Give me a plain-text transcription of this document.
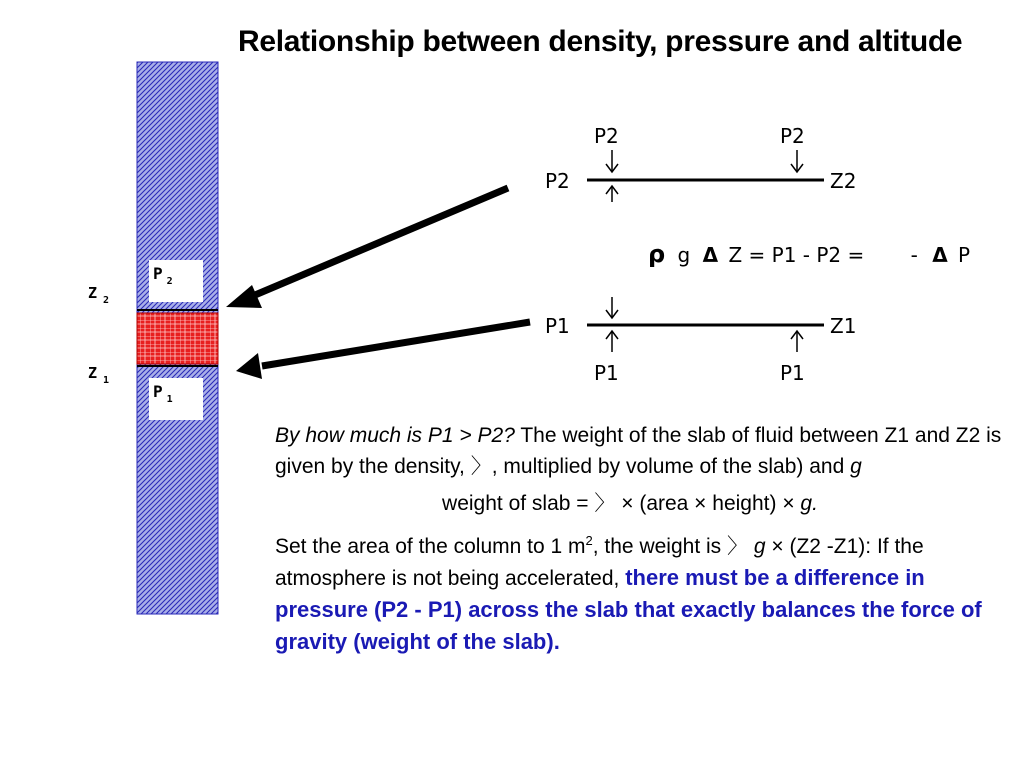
Relationship between density, pressure and altitude
P2	P2
P2	Z2
ρ g Δ Z = P1 - P2 = - Δ P
P1	Z1
P1	P1
Z $_2$
Z $_1$
P $_2$
P $_1$

By how much is P1 > P2? The weight of the slab of fluid between Z1 and Z2 is given by the density, 〉, multiplied by volume of the slab) and g

weight of slab = 〉 × (area × height) × g.

Set the area of the column to 1 $m^2$, the weight is 〉 g × (Z2 -Z1): If the atmosphere is not being accelerated, there must be a difference in pressure (P2 - P1) across the slab that exactly balances the force of gravity (weight of the slab).
